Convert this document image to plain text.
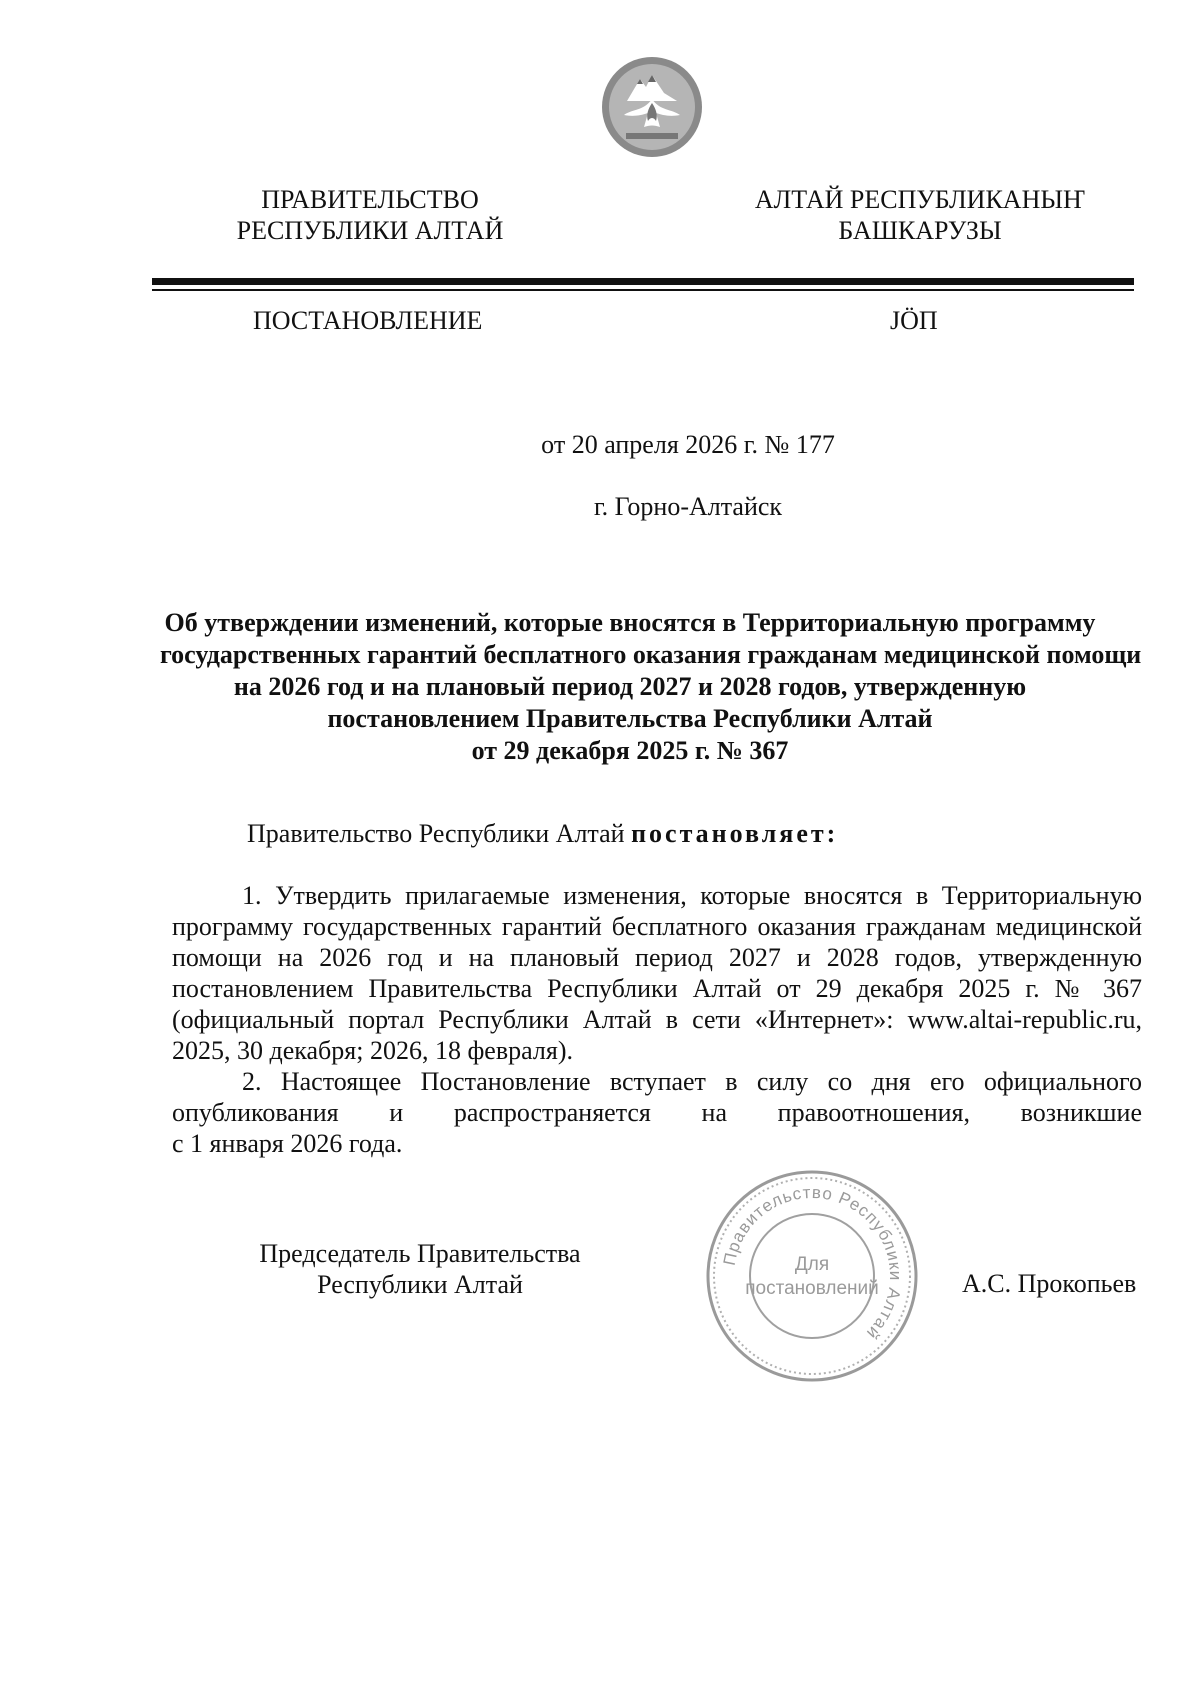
ПРАВИТЕЛЬСТВО
РЕСПУБЛИКИ АЛТАЙ
АЛТАЙ РЕСПУБЛИКАНЫҤ
БАШКАРУЗЫ
ПОСТАНОВЛЕНИЕ	JӦП
от 20 апреля 2026 г. № 177
г. Горно-Алтайск
Об утверждении изменений, которые вносятся в Территориальную программу
государственных гарантий бесплатного оказания гражданам медицинской помощи
на 2026 год и на плановый период 2027 и 2028 годов, утвержденную
постановлением Правительства Республики Алтай
от 29 декабря 2025 г. № 367
Правительство Республики Алтай постановляет:
1. Утвердить прилагаемые изменения, которые вносятся в Территориальную
программу государственных гарантий бесплатного оказания гражданам медицинской
помощи на 2026 год и на плановый период 2027 и 2028 годов, утвержденную
постановлением Правительства Республики Алтай от 29 декабря 2025 г. № 367
(официальный портал Республики Алтай в сети «Интернет»: www.altai-republic.ru,
2025, 30 декабря; 2026, 18 февраля).
2. Настоящее Постановление вступает в силу со дня его официального
опубликования и распространяется на правоотношения, возникшие
с 1 января 2026 года.
Председатель Правительства
Республики Алтай
Правительство Республики Алтай
Для
постановлений	А.С. Прокопьев
